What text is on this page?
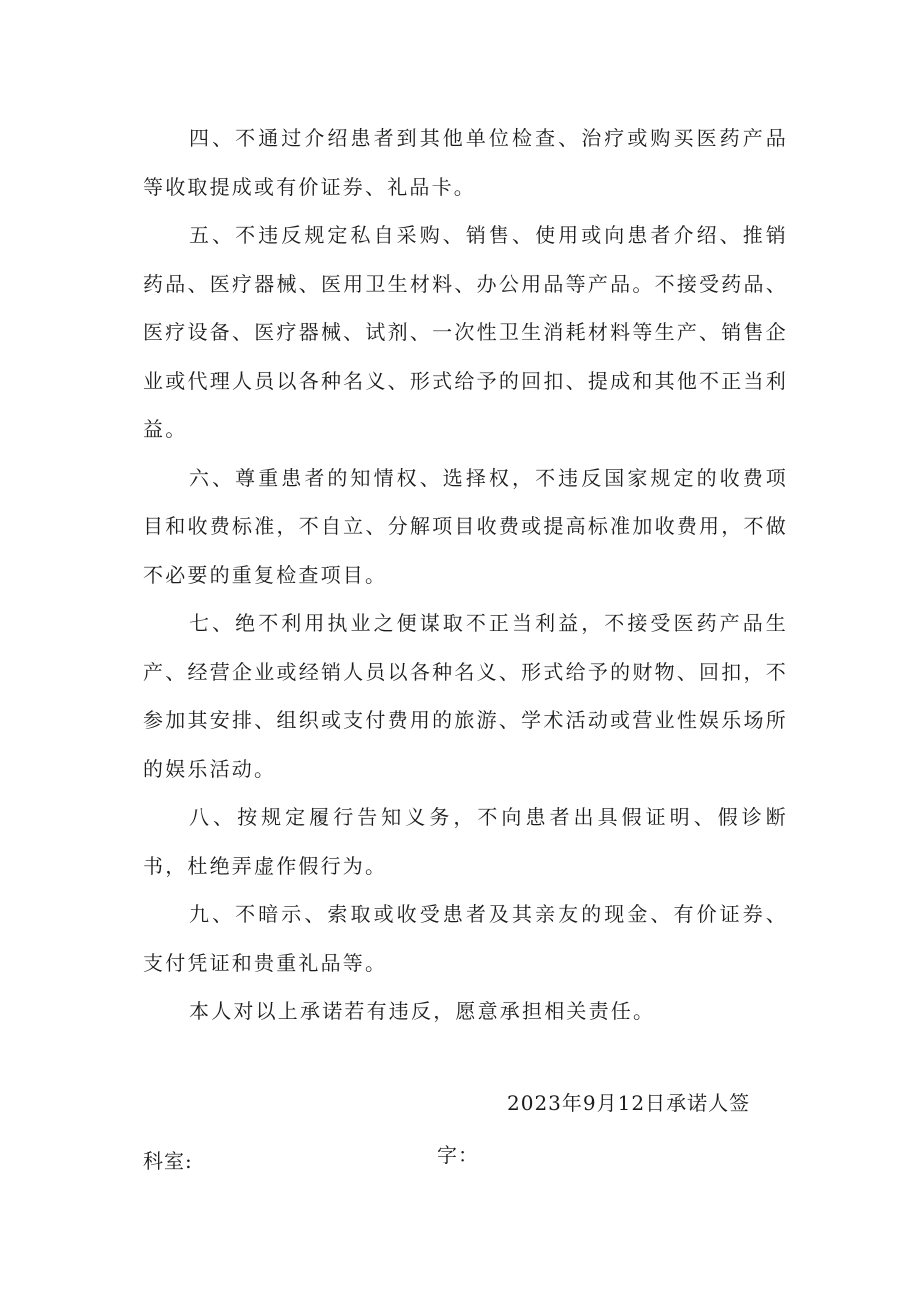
四、不通过介绍患者到其他单位检查、治疗或购买医药产品等收取提成或有价证券、礼品卡。

五、不违反规定私自采购、销售、使用或向患者介绍、推销药品、医疗器械、医用卫生材料、办公用品等产品。不接受药品、医疗设备、医疗器械、试剂、一次性卫生消耗材料等生产、销售企业或代理人员以各种名义、形式给予的回扣、提成和其他不正当利益。

六、尊重患者的知情权、选择权，不违反国家规定的收费项目和收费标准，不自立、分解项目收费或提高标准加收费用，不做不必要的重复检查项目。

七、绝不利用执业之便谋取不正当利益，不接受医药产品生产、经营企业或经销人员以各种名义、形式给予的财物、回扣，不参加其安排、组织或支付费用的旅游、学术活动或营业性娱乐场所的娱乐活动。

八、按规定履行告知义务，不向患者出具假证明、假诊断书，杜绝弄虚作假行为。

九、不暗示、索取或收受患者及其亲友的现金、有价证券、支付凭证和贵重礼品等。

本人对以上承诺若有违反，愿意承担相关责任。

2023年9月12日承诺人签
字：
科室:
